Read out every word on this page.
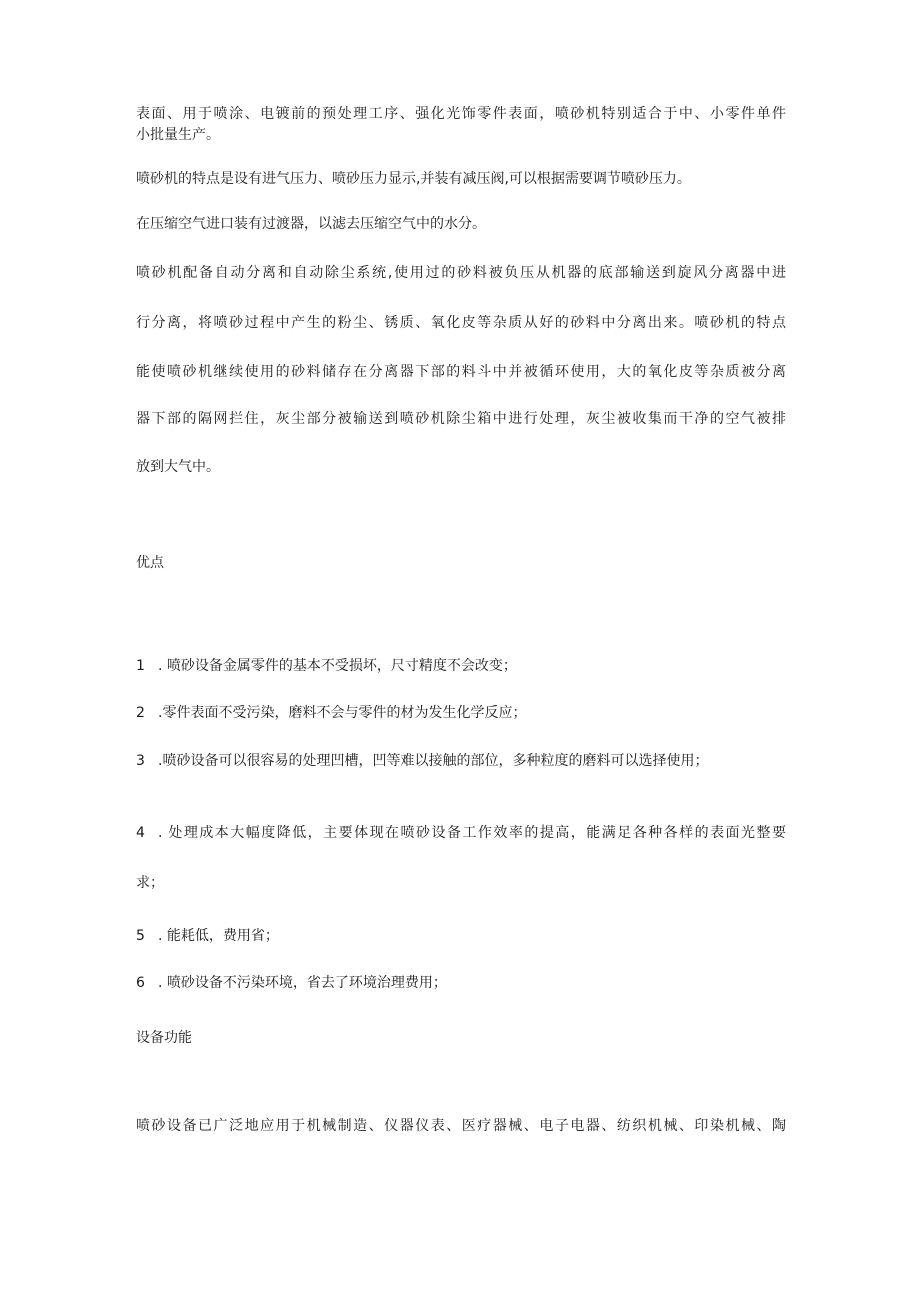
表面、用于喷涂、电镀前的预处理工序、强化光饰零件表面，喷砂机特别适合于中、小零件单件

小批量生产。

喷砂机的特点是设有进气压力、喷砂压力显示,并装有减压阀,可以根据需要调节喷砂压力。

在压缩空气进口装有过渡器，以滤去压缩空气中的水分。

喷砂机配备自动分离和自动除尘系统,使用过的砂料被负压从机器的底部输送到旋风分离器中进

行分离，将喷砂过程中产生的粉尘、锈质、氧化皮等杂质从好的砂料中分离出来。喷砂机的特点

能使喷砂机继续使用的砂料储存在分离器下部的料斗中并被循环使用，大的氧化皮等杂质被分离

器下部的隔网拦住，灰尘部分被输送到喷砂机除尘箱中进行处理，灰尘被收集而干净的空气被排

放到大气中。

优点

1 . 喷砂设备金属零件的基本不受损坏，尺寸精度不会改变；

2 .零件表面不受污染，磨料不会与零件的材为发生化学反应；

3 .喷砂设备可以很容易的处理凹槽，凹等难以接触的部位，多种粒度的磨料可以选择使用；

4 . 处理成本大幅度降低，主要体现在喷砂设备工作效率的提高，能满足各种各样的表面光整要

求；

5 . 能耗低，费用省；

6 . 喷砂设备不污染环境，省去了环境治理费用；

设备功能

喷砂设备已广泛地应用于机械制造、仪器仪表、医疗器械、电子电器、纺织机械、印染机械、陶
